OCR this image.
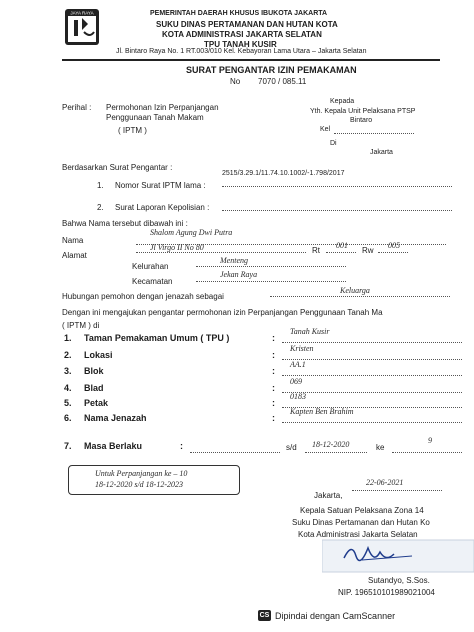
JAYA RAYA	PEMERINTAH DAERAH KHUSUS IBUKOTA JAKARTA
SUKU DINAS PERTAMANAN DAN HUTAN KOTA
KOTA ADMINISTRASI JAKARTA SELATAN
TPU TANAH KUSIR
Jl. Bintaro Raya No. 1 RT.003/010 Kel. Kebayoran Lama Utara – Jakarta Selatan
SURAT PENGANTAR IZIN PEMAKAMAN
No 7070 / 085.11
Perihal : Permohonan Izin Perpanjangan
Penggunaan Tanah Makam
( IPTM )
Kepada
Yth. Kepala Unit Pelaksana PTSP
Bintaro
Kel
Di
Jakarta
Berdasarkan Surat Pengantar :
1. Nomor Surat IPTM lama :
2515/3.29.1/11.74.10.1002/-1.798/2017
2. Surat Laporan Kepolisian :
Bahwa Nama tersebut dibawah ini :
Nama
Shalom Agung Dwi Putra
Alamat
Jl Virgo II No 80	Rt
001
Rw
005
Kelurahan
Menteng
Kecamatan
Jekan Raya
Hubungan pemohon dengan jenazah sebagai
Keluarga
Dengan ini mengajukan pengantar permohonan izin Perpanjangan Penggunaan Tanah Ma
( IPTM ) di
1. Taman Pemakaman Umum ( TPU )	:
Tanah Kusir
2. Lokasi	:
Kristen
3. Blok	:
AA.1
4. Blad	:
069
5. Petak	:
0183
6. Nama Jenazah	:
Kapten Ben Brahim
7. Masa Berlaku	:	s/d 18-12-2020	ke
9
Untuk Perpanjangan ke – 10
18-12-2020 s/d 18-12-2023
Jakarta,
22-06-2021
Kepala Satuan Pelaksana Zona 14
Suku Dinas Pertamanan dan Hutan Ko
Kota Administrasi Jakarta Selatan
Sutandyo, S.Sos.
NIP. 196510101989021004
CS Dipindai dengan CamScanner
